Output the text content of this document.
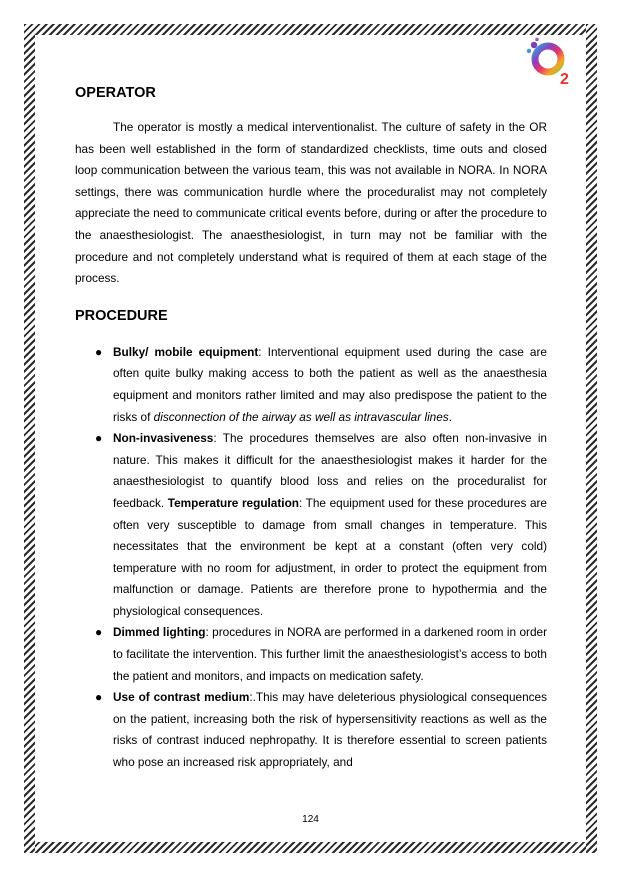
2
OPERATOR

The operator is mostly a medical interventionalist. The culture of safety in the OR has been well established in the form of standardized checklists, time outs and closed loop communication between the various team, this was not available in NORA. In NORA settings, there was communication hurdle where the proceduralist may not completely appreciate the need to communicate critical events before, during or after the procedure to the anaesthesiologist. The anaesthesiologist, in turn may not be familiar with the procedure and not completely understand what is required of them at each stage of the process.

PROCEDURE
● Bulky/ mobile equipment: Interventional equipment used during the case are often quite bulky making access to both the patient as well as the anaesthesia equipment and monitors rather limited and may also predispose the patient to the risks of disconnection of the airway as well as intravascular lines.
● Non-invasiveness: The procedures themselves are also often non-invasive in nature. This makes it difficult for the anaesthesiologist makes it harder for the anaesthesiologist to quantify blood loss and relies on the proceduralist for feedback. Temperature regulation: The equipment used for these procedures are often very susceptible to damage from small changes in temperature. This necessitates that the environment be kept at a constant (often very cold) temperature with no room for adjustment, in order to protect the equipment from malfunction or damage. Patients are therefore prone to hypothermia and the physiological consequences.
● Dimmed lighting: procedures in NORA are performed in a darkened room in order to facilitate the intervention. This further limit the anaesthesiologist’s access to both the patient and monitors, and impacts on medication safety.
● Use of contrast medium:.This may have deleterious physiological consequences on the patient, increasing both the risk of hypersensitivity reactions as well as the risks of contrast induced nephropathy. It is therefore essential to screen patients who pose an increased risk appropriately, and
124
